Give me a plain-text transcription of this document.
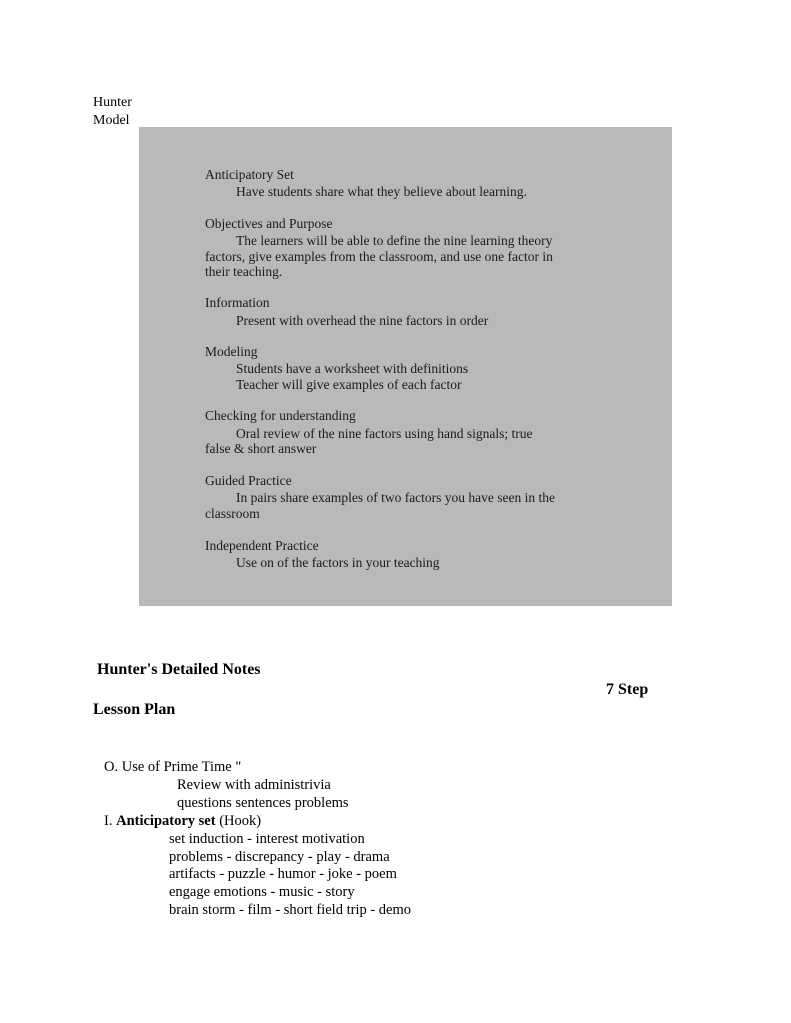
Hunter
Model
Anticipatory Set
Have students share what they believe about learning.
Objectives and Purpose
The learners will be able to define the nine learning theory
factors, give examples from the classroom, and use one factor in
their teaching.
Information
Present with overhead the nine factors in order
Modeling
Students have a worksheet with definitions
Teacher will give examples of each factor
Checking for understanding
Oral review of the nine factors using hand signals; true
false & short answer
Guided Practice
In pairs share examples of two factors you have seen in the
classroom
Independent Practice
Use on of the factors in your teaching
Hunter's Detailed Notes
7 Step
Lesson Plan
O. Use of Prime Time "
Review with administrivia
questions sentences problems
I. Anticipatory set (Hook)
set induction - interest motivation
problems - discrepancy - play - drama
artifacts - puzzle - humor - joke - poem
engage emotions - music - story
brain storm - film - short field trip - demo
